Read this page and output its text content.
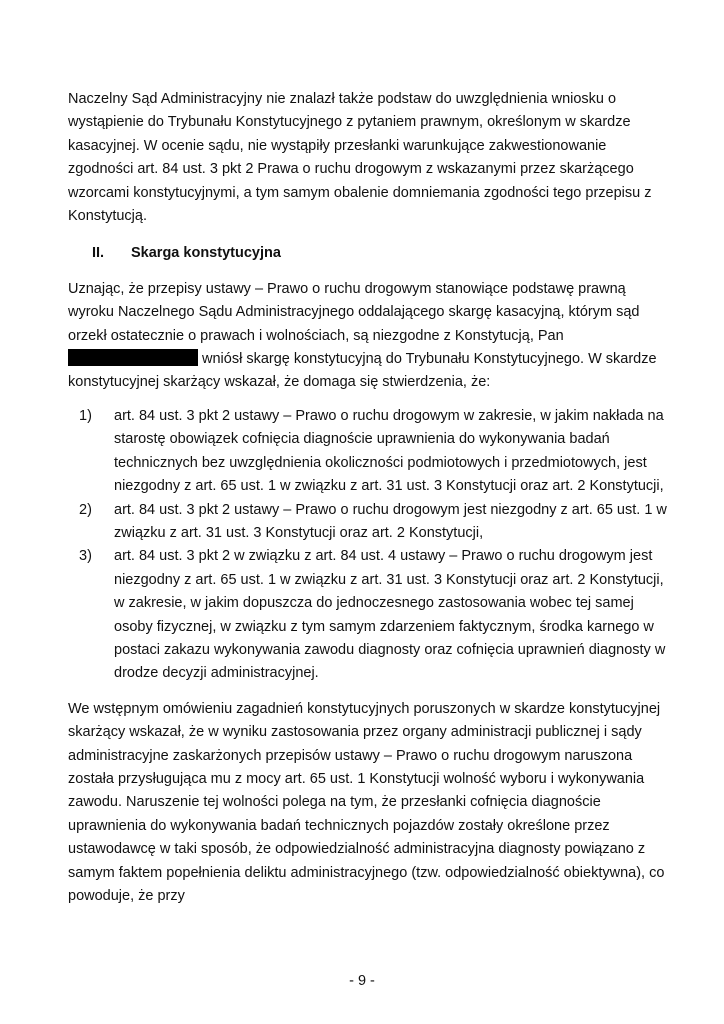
Naczelny Sąd Administracyjny nie znalazł także podstaw do uwzględnienia wniosku o wystąpienie do Trybunału Konstytucyjnego z pytaniem prawnym, określonym w skardze kasacyjnej. W ocenie sądu, nie wystąpiły przesłanki warunkujące zakwestionowanie zgodności art. 84 ust. 3 pkt 2 Prawa o ruchu drogowym z wskazanymi przez skarżącego wzorcami konstytucyjnymi, a tym samym obalenie domniemania zgodności tego przepisu z Konstytucją.

II.	Skarga konstytucyjna

Uznając, że przepisy ustawy – Prawo o ruchu drogowym stanowiące podstawę prawną wyroku Naczelnego Sądu Administracyjnego oddalającego skargę kasacyjną, którym sąd orzekł ostatecznie o prawach i wolnościach, są niezgodne z Konstytucją, Pan wniósł skargę konstytucyjną do Trybunału Konstytucyjnego. W skardze konstytucyjnej skarżący wskazał, że domaga się stwierdzenia, że:

1)	art. 84 ust. 3 pkt 2 ustawy – Prawo o ruchu drogowym w zakresie, w jakim nakłada na starostę obowiązek cofnięcia diagnoście uprawnienia do wykonywania badań technicznych bez uwzględnienia okoliczności podmiotowych i przedmiotowych, jest niezgodny z art. 65 ust. 1 w związku z art. 31 ust. 3 Konstytucji oraz art. 2 Konstytucji,
2)	art. 84 ust. 3 pkt 2 ustawy – Prawo o ruchu drogowym jest niezgodny z art. 65 ust. 1 w związku z art. 31 ust. 3 Konstytucji oraz art. 2 Konstytucji,
3)	art. 84 ust. 3 pkt 2 w związku z art. 84 ust. 4 ustawy – Prawo o ruchu drogowym jest niezgodny z art. 65 ust. 1 w związku z art. 31 ust. 3 Konstytucji oraz art. 2 Konstytucji, w zakresie, w jakim dopuszcza do jednoczesnego zastosowania wobec tej samej osoby fizycznej, w związku z tym samym zdarzeniem faktycznym, środka karnego w postaci zakazu wykonywania zawodu diagnosty oraz cofnięcia uprawnień diagnosty w drodze decyzji administracyjnej.

We wstępnym omówieniu zagadnień konstytucyjnych poruszonych w skardze konstytucyjnej skarżący wskazał, że w wyniku zastosowania przez organy administracji publicznej i sądy administracyjne zaskarżonych przepisów ustawy – Prawo o ruchu drogowym naruszona została przysługująca mu z mocy art. 65 ust. 1 Konstytucji wolność wyboru i wykonywania zawodu. Naruszenie tej wolności polega na tym, że przesłanki cofnięcia diagnoście uprawnienia do wykonywania badań technicznych pojazdów zostały określone przez ustawodawcę w taki sposób, że odpowiedzialność administracyjna diagnosty powiązano z samym faktem popełnienia deliktu administracyjnego (tzw. odpowiedzialność obiektywna), co powoduje, że przy

- 9 -
